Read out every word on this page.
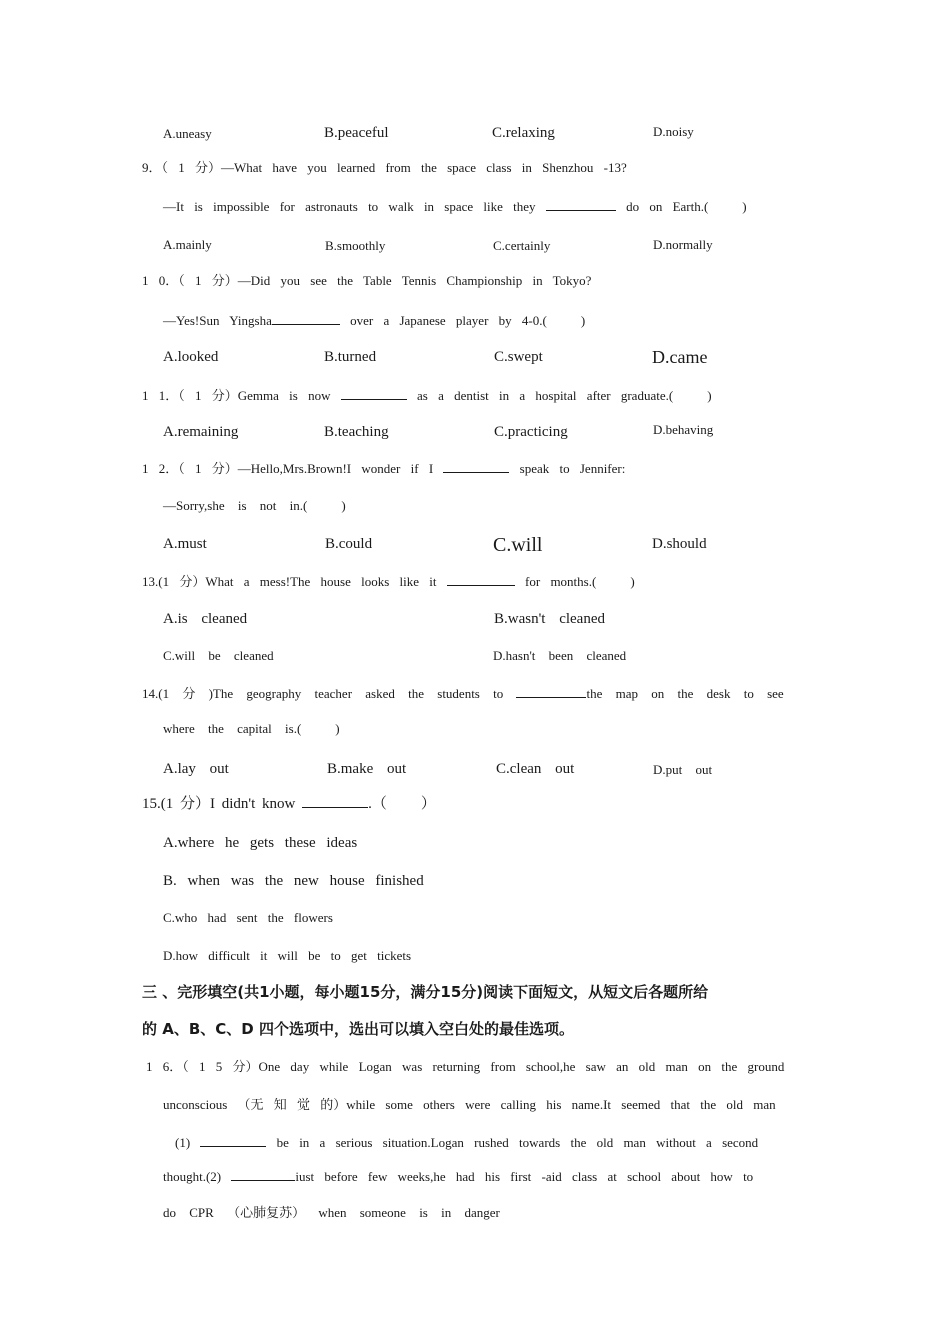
A.uneasy	B.peaceful	C.relaxing	D.noisy
9．（ 1 分）—What have you learned from the space class in Shenzhou -13?
—It is impossible for astronauts to walk in space like they	do on Earth.(	)
A.mainly	B.smoothly	C.certainly	D.normally
1 0．（ 1 分）—Did you see the Table Tennis Championship in Tokyo?
—Yes!Sun Yingsha	over a Japanese player by 4-0.(	)
A.looked	B.turned	C.swept	D.came
1 1．（ 1 分）Gemma is now	as a dentist in a hospital after graduate.(	)
A.remaining	B.teaching	C.practicing	D.behaving
1 2．（ 1 分）—Hello,Mrs.Brown!I wonder if I	speak to Jennifer:
—Sorry,she is not in.(	)
A.must	B.could	C.will	D.should
13.(1 分）What a mess!The house looks like it	for months.(	)
A.is cleaned	B.wasn't cleaned
C.will be cleaned	D.hasn't been cleaned
14.(1 分 )The geography teacher asked the students to	the map on the desk to see
where the capital is.(	)
A.lay out	B.make out	C.clean out	D.put out
15.(1 分）I didn't know	.（ ）
A.where he gets these ideas
B. when was the new house finished
C.who had sent the flowers
D.how difficult it will be to get tickets
三 、完形填空(共1小题，每小题15分，满分15分)阅读下面短文，从短文后各题所给
的 A、B、C、D 四个选项中，选出可以填入空白处的最佳选项。
1 6．（ 1 5 分）One day while Logan was returning from school,he saw an old man on the ground
unconscious （无 知 觉 的）while some others were calling his name.It seemed that the old man
(1)	be in a serious situation.Logan rushed towards the old man without a second
thought.(2)	iust before few weeks,he had his first -aid class at school about how to
do CPR （心肺复苏） when someone is in danger
